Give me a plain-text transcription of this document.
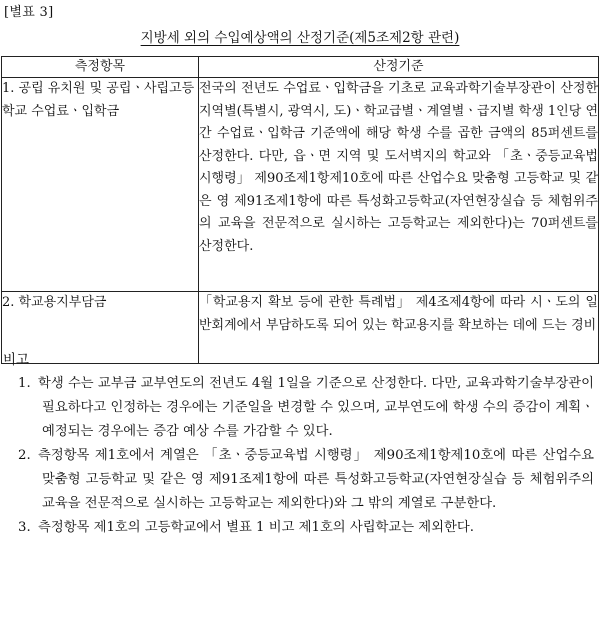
[별표 3]
지방세 외의 수입예상액의 산정기준(제5조제2항 관련)
측정항목	산정기준
1. 공립 유치원 및 공립ㆍ사립고등학교 수업료ㆍ입학금	전국의 전년도 수업료ㆍ입학금을 기초로 교육과학기술부장관이 산정한 지역별(특별시, 광역시, 도)ㆍ학교급별ㆍ계열별ㆍ급지별 학생 1인당 연간 수업료ㆍ입학금 기준액에 해당 학생 수를 곱한 금액의 85퍼센트를 산정한다. 다만, 읍ㆍ면 지역 및 도서벽지의 학교와 「초ㆍ중등교육법 시행령」 제90조제1항제10호에 따른 산업수요 맞춤형 고등학교 및 같은 영 제91조제1항에 따른 특성화고등학교(자연현장실습 등 체험위주의 교육을 전문적으로 실시하는 고등학교는 제외한다)는 70퍼센트를 산정한다.
2. 학교용지부담금	「학교용지 확보 등에 관한 특례법」 제4조제4항에 따라 시ㆍ도의 일반회계에서 부담하도록 되어 있는 학교용지를 확보하는 데에 드는 경비
비고
1. 학생 수는 교부금 교부연도의 전년도 4월 1일을 기준으로 산정한다. 다만, 교육과학기술부장관이 필요하다고 인정하는 경우에는 기준일을 변경할 수 있으며, 교부연도에 학생 수의 증감이 계획ㆍ예정되는 경우에는 증감 예상 수를 가감할 수 있다.
2. 측정항목 제1호에서 계열은 「초ㆍ중등교육법 시행령」 제90조제1항제10호에 따른 산업수요 맞춤형 고등학교 및 같은 영 제91조제1항에 따른 특성화고등학교(자연현장실습 등 체험위주의 교육을 전문적으로 실시하는 고등학교는 제외한다)와 그 밖의 계열로 구분한다.
3. 측정항목 제1호의 고등학교에서 별표 1 비고 제1호의 사립학교는 제외한다.
